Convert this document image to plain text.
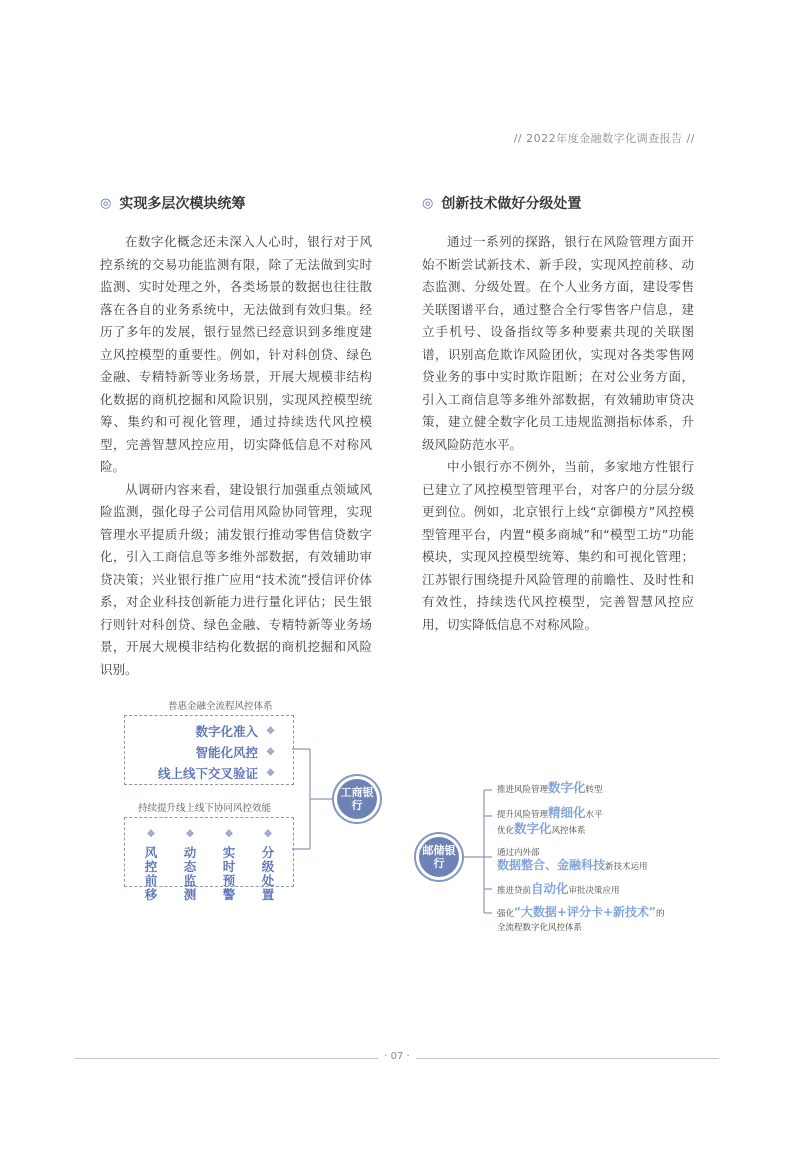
// 2022年度金融数字化调查报告 //
◎ 实现多层次模块统筹

在数字化概念还未深入人心时，银行对于风控系统的交易功能监测有限，除了无法做到实时监测、实时处理之外，各类场景的数据也往往散落在各自的业务系统中，无法做到有效归集。经历了多年的发展，银行显然已经意识到多维度建立风控模型的重要性。例如，针对科创贷、绿色金融、专精特新等业务场景，开展大规模非结构化数据的商机挖掘和风险识别，实现风控模型统筹、集约和可视化管理，通过持续迭代风控模型，完善智慧风控应用，切实降低信息不对称风险。

从调研内容来看，建设银行加强重点领域风险监测，强化母子公司信用风险协同管理，实现管理水平提质升级；浦发银行推动零售信贷数字化，引入工商信息等多维外部数据，有效辅助审贷决策；兴业银行推广应用“技术流”授信评价体系，对企业科技创新能力进行量化评估；民生银行则针对科创贷、绿色金融、专精特新等业务场景，开展大规模非结构化数据的商机挖掘和风险识别。

◎ 创新技术做好分级处置

通过一系列的探路，银行在风险管理方面开始不断尝试新技术、新手段，实现风控前移、动态监测、分级处置。在个人业务方面，建设零售关联图谱平台，通过整合全行零售客户信息，建立手机号、设备指纹等多种要素共现的关联图谱，识别高危欺诈风险团伙，实现对各类零售网贷业务的事中实时欺诈阻断；在对公业务方面，引入工商信息等多维外部数据，有效辅助审贷决策，建立健全数字化员工违规监测指标体系，升级风险防范水平。

中小银行亦不例外，当前，多家地方性银行已建立了风控模型管理平台，对客户的分层分级更到位。例如，北京银行上线“京御模方”风控模型管理平台，内置“模多商城”和“模型工坊”功能模块，实现风控模型统筹、集约和可视化管理；江苏银行围绕提升风险管理的前瞻性、及时性和有效性，持续迭代风控模型，完善智慧风控应用，切实降低信息不对称风险。

普惠金融全流程风控体系
数字化准入 ❖
智能化风控 ❖
线上线下交叉验证 ❖
持续提升线上线下协同风控效能
❖
风控前移
❖
动态监测
❖
实时预警
❖
分级处置
工商银行
邮储银行
推进风险管理数字化转型
提升风险管理精细化水平
优化数字化风控体系
通过内外部
数据整合、金融科技新技术运用
推进贷前自动化审批决策应用
强化“大数据+评分卡+新技术”的
全流程数字化风控体系
· 07 ·
